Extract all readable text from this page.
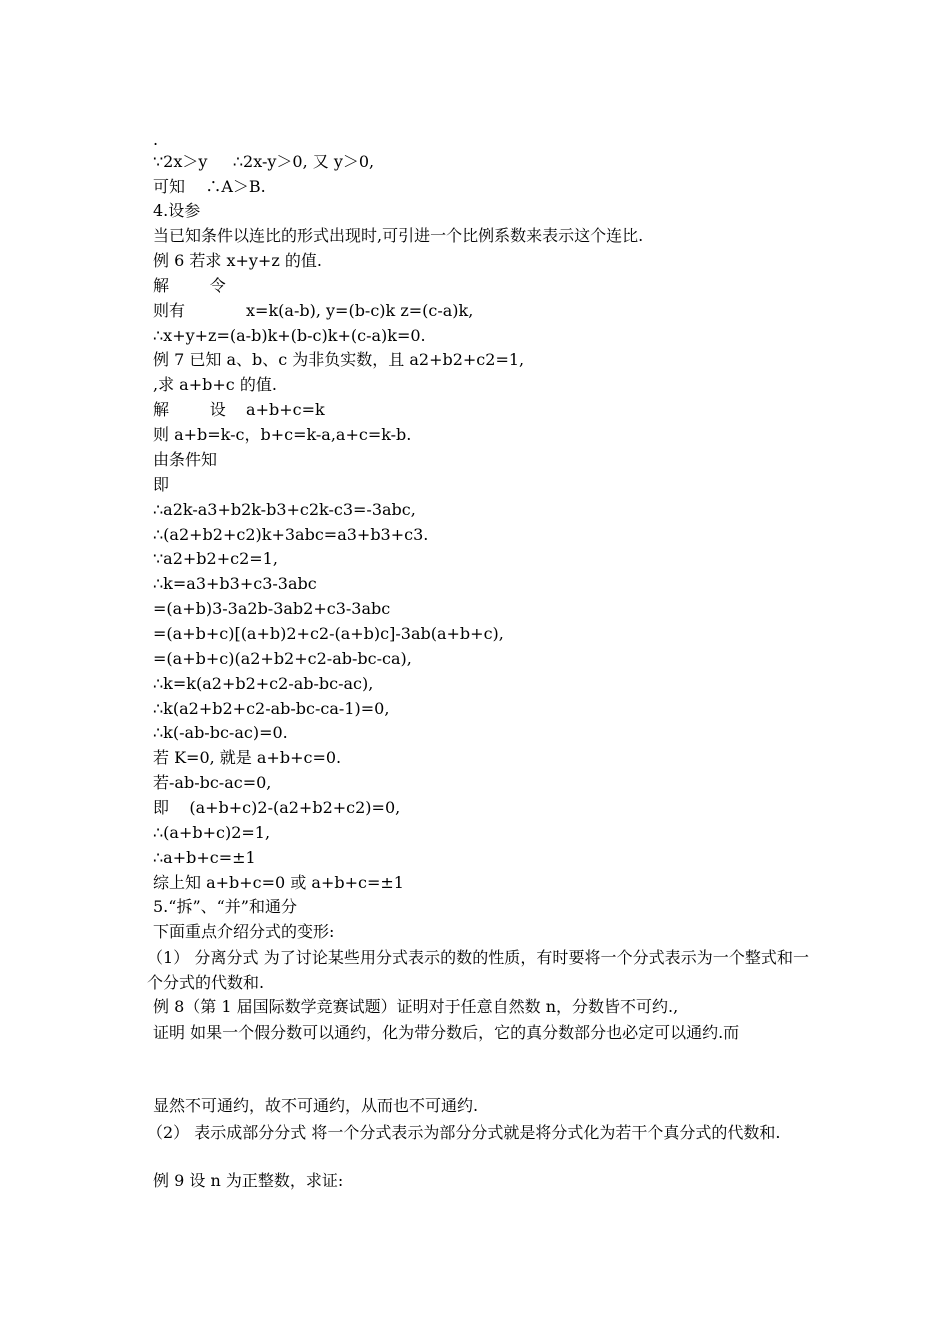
.
∵2x＞y     ∴2x-y＞0, 又 y＞0,
可知    ∴A＞B.
4.设参
当已知条件以连比的形式出现时,可引进一个比例系数来表示这个连比.
例 6 若求 x+y+z 的值.
解        令
则有            x=k(a-b), y=(b-c)k z=(c-a)k,
∴x+y+z=(a-b)k+(b-c)k+(c-a)k=0.
例 7 已知 a、b、c 为非负实数，且 a2+b2+c2=1,
,求 a+b+c 的值.
解        设    a+b+c=k
则 a+b=k-c，b+c=k-a,a+c=k-b.
由条件知
即
∴a2k-a3+b2k-b3+c2k-c3=-3abc,
∴(a2+b2+c2)k+3abc=a3+b3+c3.
∵a2+b2+c2=1,
∴k=a3+b3+c3-3abc
=(a+b)3-3a2b-3ab2+c3-3abc
=(a+b+c)[(a+b)2+c2-(a+b)c]-3ab(a+b+c),
=(a+b+c)(a2+b2+c2-ab-bc-ca),
∴k=k(a2+b2+c2-ab-bc-ac),
∴k(a2+b2+c2-ab-bc-ca-1)=0,
∴k(-ab-bc-ac)=0.
若 K=0, 就是 a+b+c=0.
若-ab-bc-ac=0,
即    (a+b+c)2-(a2+b2+c2)=0,
∴(a+b+c)2=1,
∴a+b+c=±1
综上知 a+b+c=0 或 a+b+c=±1
5.“拆”、“并”和通分
下面重点介绍分式的变形:
（1） 分离分式 为了讨论某些用分式表示的数的性质，有时要将一个分式表示为一个整式和一个分式的代数和.
例 8（第 1 届国际数学竞赛试题）证明对于任意自然数 n，分数皆不可约.,
证明 如果一个假分数可以通约，化为带分数后，它的真分数部分也必定可以通约.而
显然不可通约，故不可通约，从而也不可通约.
（2） 表示成部分分式 将一个分式表示为部分分式就是将分式化为若干个真分式的代数和.
例 9 设 n 为正整数，求证:
